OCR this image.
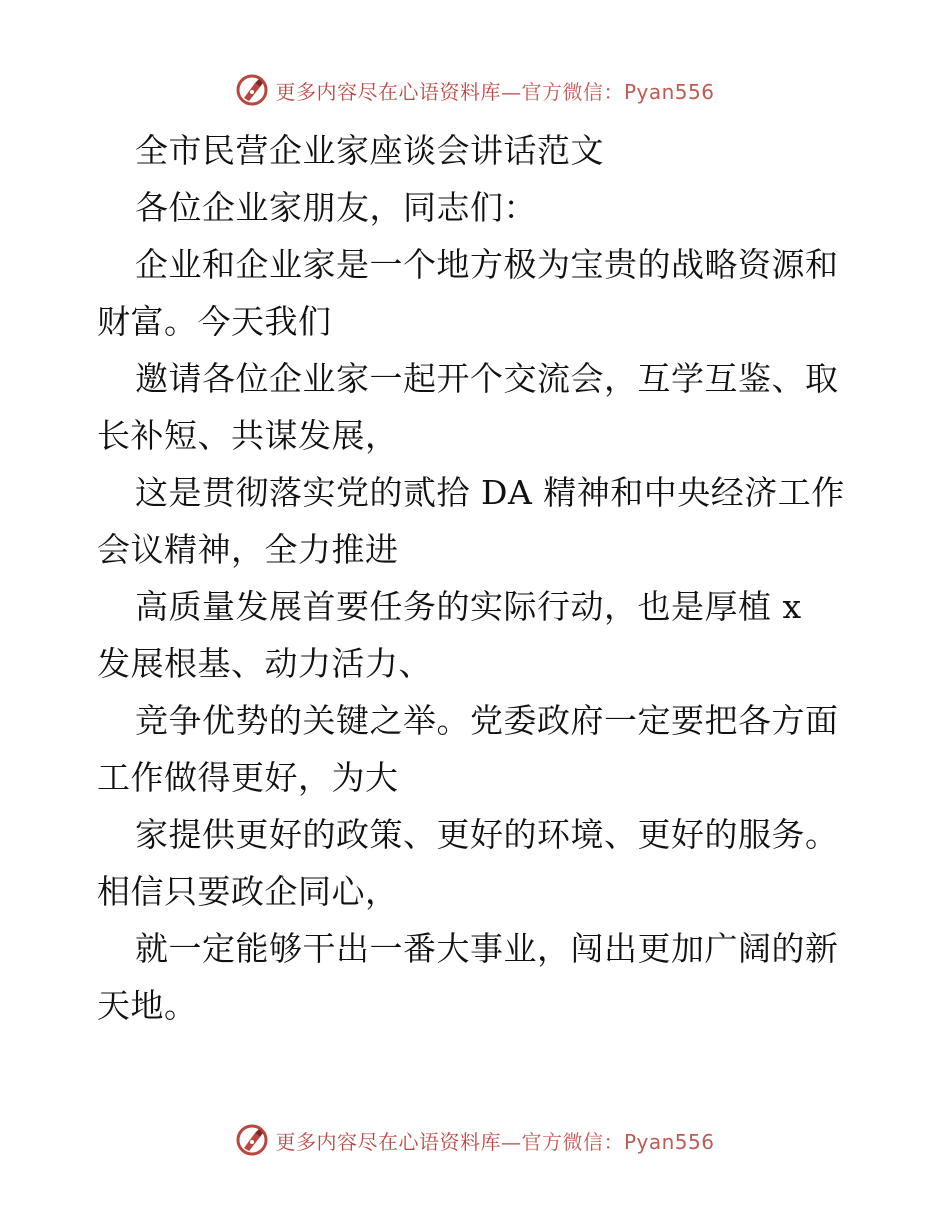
更多内容尽在心语资料库—官方微信：Pyan556
全市民营企业家座谈会讲话范文
各位企业家朋友，同志们：
企业和企业家是一个地方极为宝贵的战略资源和
财富。今天我们
邀请各位企业家一起开个交流会，互学互鉴、取
长补短、共谋发展，
这是贯彻落实党的贰拾 DA 精神和中央经济工作
会议精神，全力推进
高质量发展首要任务的实际行动，也是厚植 x
发展根基、动力活力、
竞争优势的关键之举。党委政府一定要把各方面
工作做得更好，为大
家提供更好的政策、更好的环境、更好的服务。
相信只要政企同心，
就一定能够干出一番大事业，闯出更加广阔的新
天地。
更多内容尽在心语资料库—官方微信：Pyan556
